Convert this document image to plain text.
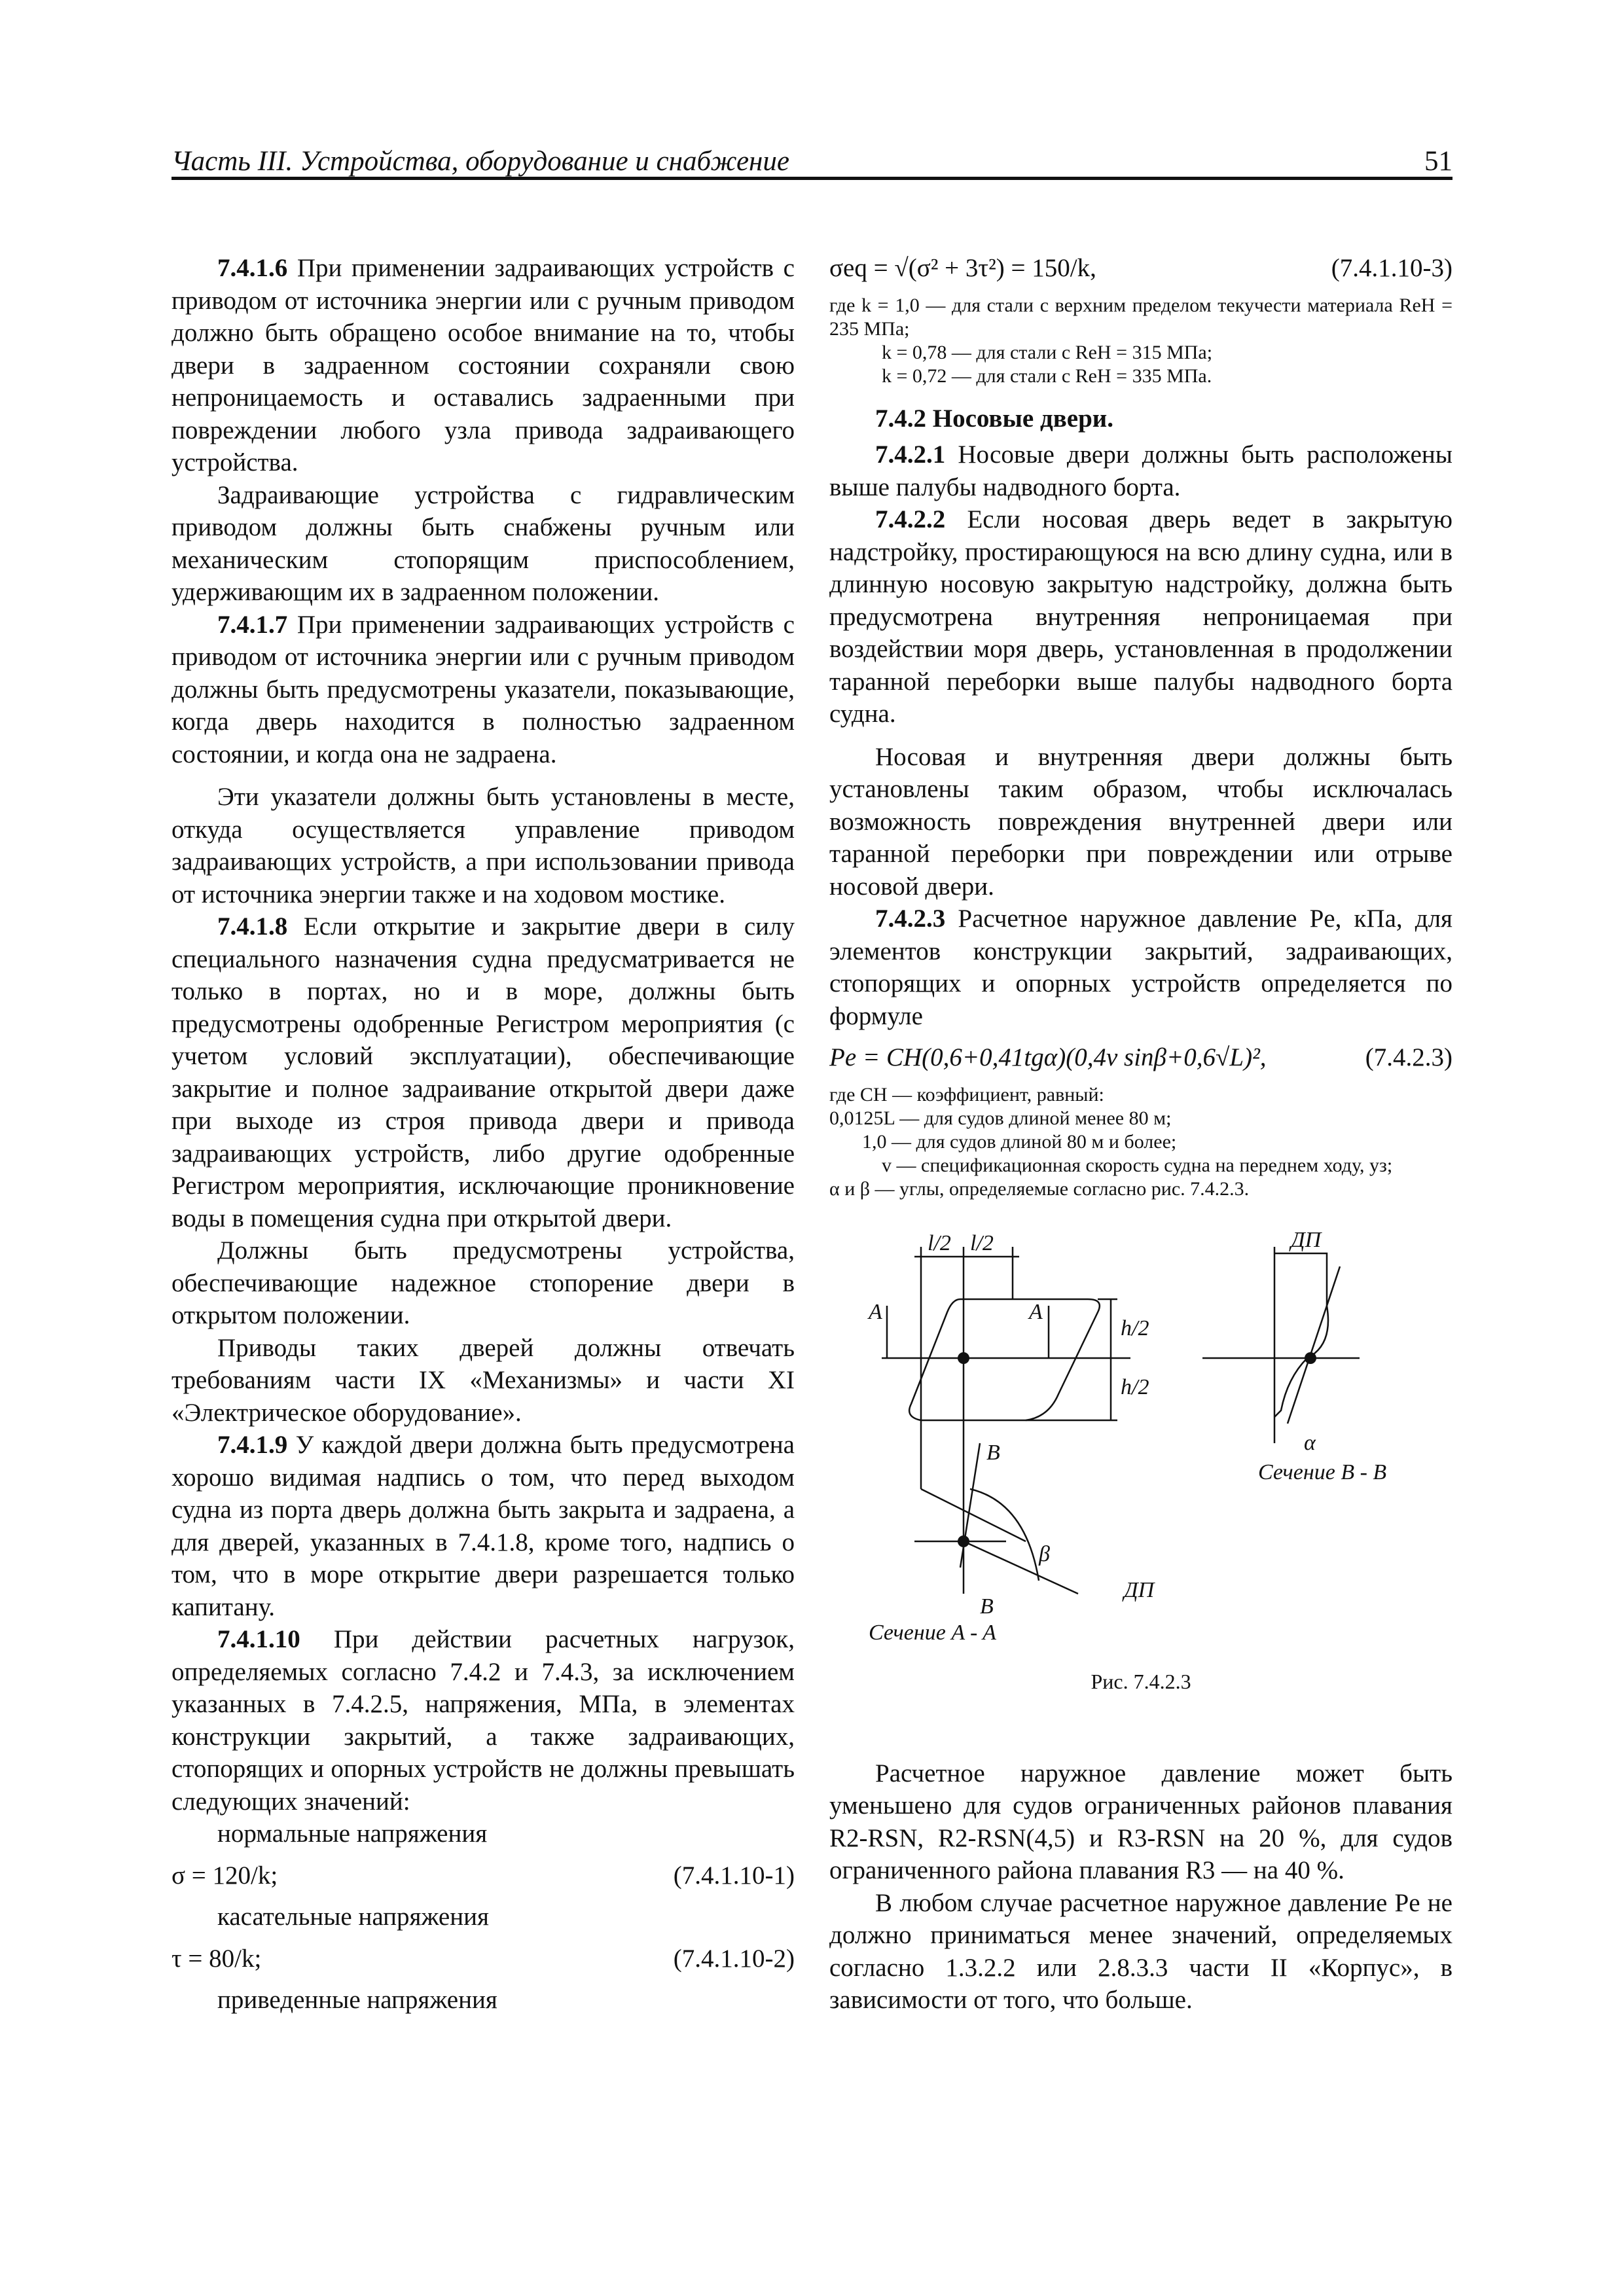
Часть III. Устройства, оборудование и снабжение	51

7.4.1.6 При применении задраивающих устройств с приводом от источника энергии или с ручным приводом должно быть обращено особое внимание на то, чтобы двери в задраенном состоянии сохраняли свою непроницаемость и оставались задраенными при повреждении любого узла привода задраивающего устройства.

Задраивающие устройства с гидравлическим приводом должны быть снабжены ручным или механическим стопорящим приспособлением, удерживающим их в задраенном положении.

7.4.1.7 При применении задраивающих устройств с приводом от источника энергии или с ручным приводом должны быть предусмотрены указатели, показывающие, когда дверь находится в полностью задраенном состоянии, и когда она не задраена.

Эти указатели должны быть установлены в месте, откуда осуществляется управление приводом задраивающих устройств, а при использовании привода от источника энергии также и на ходовом мостике.

7.4.1.8 Если открытие и закрытие двери в силу специального назначения судна предусматривается не только в портах, но и в море, должны быть предусмотрены одобренные Регистром мероприятия (с учетом условий эксплуатации), обеспечивающие закрытие и полное задраивание открытой двери даже при выходе из строя привода двери и привода задраивающих устройств, либо другие одобренные Регистром мероприятия, исключающие проникновение воды в помещения судна при открытой двери.

Должны быть предусмотрены устройства, обеспечивающие надежное стопорение двери в открытом положении.

Приводы таких дверей должны отвечать требованиям части IX «Механизмы» и части XI «Электрическое оборудование».

7.4.1.9 У каждой двери должна быть предусмотрена хорошо видимая надпись о том, что перед выходом судна из порта дверь должна быть закрыта и задраена, а для дверей, указанных в 7.4.1.8, кроме того, надпись о том, что в море открытие двери разрешается только капитану.

7.4.1.10 При действии расчетных нагрузок, определяемых согласно 7.4.2 и 7.4.3, за исключением указанных в 7.4.2.5, напряжения, МПа, в элементах конструкции закрытий, а также задраивающих, стопорящих и опорных устройств не должны превышать следующих значений:

нормальные напряжения

σ = 120/k;	(7.4.1.10-1)

касательные напряжения

τ = 80/k;	(7.4.1.10-2)

приведенные напряжения

σeq = √(σ² + 3τ²) = 150/k,	(7.4.1.10-3)
где k = 1,0 — для стали с верхним пределом текучести материала ReH = 235 МПа;
k = 0,78 — для стали с ReH = 315 МПа;
k = 0,72 — для стали с ReH = 335 МПа.
7.4.2 Носовые двери.

7.4.2.1 Носовые двери должны быть расположены выше палубы надводного борта.

7.4.2.2 Если носовая дверь ведет в закрытую надстройку, простирающуюся на всю длину судна, или в длинную носовую закрытую надстройку, должна быть предусмотрена внутренняя непроницаемая при воздействии моря дверь, установленная в продолжении таранной переборки выше палубы надводного борта судна.

Носовая и внутренняя двери должны быть установлены таким образом, чтобы исключалась возможность повреждения внутренней двери или таранной переборки при повреждении или отрыве носовой двери.

7.4.2.3 Расчетное наружное давление Pe, кПа, для элементов конструкции закрытий, задраивающих, стопорящих и опорных устройств определяется по формуле

Pe = CH(0,6+0,41tgα)(0,4v sinβ+0,6√L)²,	(7.4.2.3)
где CH — коэффициент, равный:
0,0125L — для судов длиной менее 80 м;
1,0 — для судов длиной 80 м и более;
v — спецификационная скорость судна на переднем ходу, уз;
α и β — углы, определяемые согласно рис. 7.4.2.3.
l/2 l/2
A	A
h/2
h/2
ДП
α
Сечение B - B
B
β
B
ДП
Сечение A - A
Рис. 7.4.2.3

Расчетное наружное давление может быть уменьшено для судов ограниченных районов плавания R2-RSN, R2-RSN(4,5) и R3-RSN на 20 %, для судов ограниченного района плавания R3 — на 40 %.

В любом случае расчетное наружное давление Pe не должно приниматься менее значений, определяемых согласно 1.3.2.2 или 2.8.3.3 части II «Корпус», в зависимости от того, что больше.
